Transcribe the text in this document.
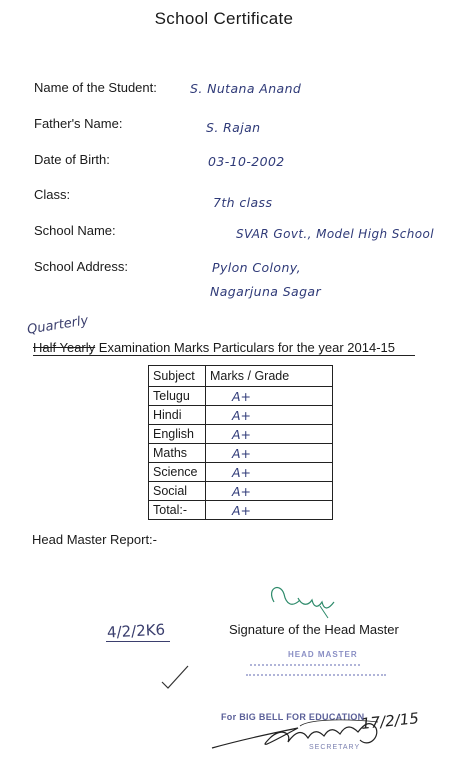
School Certificate
Name of the Student:	S. Nutana Anand
Father's Name:	S. Rajan
Date of Birth:	03-10-2002
Class:
7th class
School Name:	SVAR Govt., Model High School
School Address:	Pylon Colony,
Nagarjuna Sagar
Quarterly
Half Yearly Examination Marks Particulars for the year 2014-15
Subject	Marks / Grade
Telugu	A+
Hindi	A+
English	A+
Maths	A+
Science	A+
Social	A+
Total:-	A+
Head Master Report:-
4/2/2K6	Signature of the Head Master
HEAD MASTER
For BIG BELL FOR EDUCATION
17/2/15
SECRETARY
